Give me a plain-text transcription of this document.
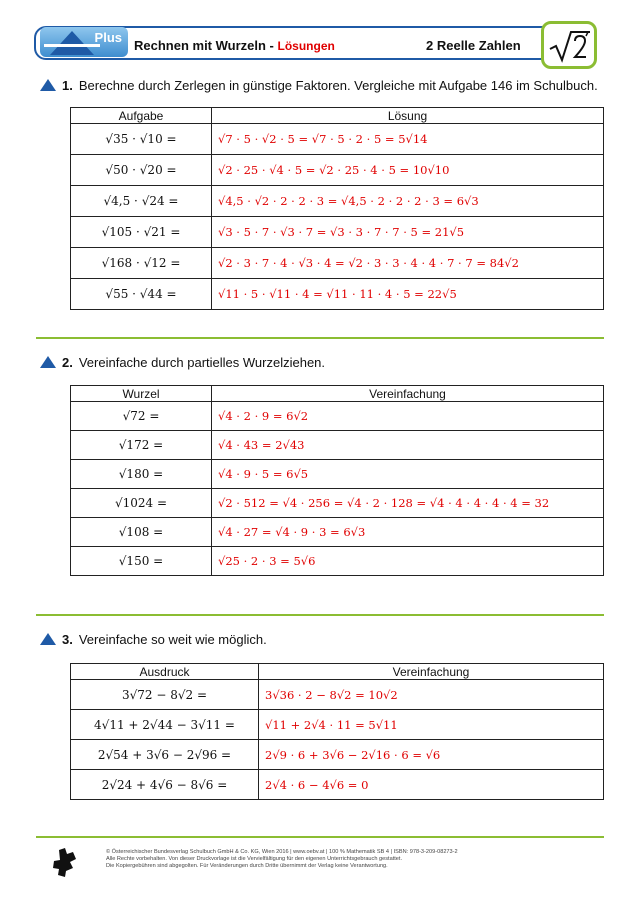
Plus
Rechnen mit Wurzeln - Lösungen	2 Reelle Zahlen
1. Berechne durch Zerlegen in günstige Faktoren. Vergleiche mit Aufgabe 146 im Schulbuch.
Aufgabe	Lösung
√35 · √10 =	√7 · 5 · √2 · 5 = √7 · 5 · 2 · 5 = 5√14
√50 · √20 =	√2 · 25 · √4 · 5 = √2 · 25 · 4 · 5 = 10√10
√4,5 · √24 =	√4,5 · √2 · 2 · 2 · 3 = √4,5 · 2 · 2 · 2 · 3 = 6√3
√105 · √21 =	√3 · 5 · 7 · √3 · 7 = √3 · 3 · 7 · 7 · 5 = 21√5
√168 · √12 =	√2 · 3 · 7 · 4 · √3 · 4 = √2 · 3 · 3 · 4 · 4 · 7 · 7 = 84√2
√55 · √44 =	√11 · 5 · √11 · 4 = √11 · 11 · 4 · 5 = 22√5
2. Vereinfache durch partielles Wurzelziehen.
Wurzel	Vereinfachung
√72 =	√4 · 2 · 9 = 6√2
√172 =	√4 · 43 = 2√43
√180 =	√4 · 9 · 5 = 6√5
√1024 =	√2 · 512 = √4 · 256 = √4 · 2 · 128 = √4 · 4 · 4 · 4 · 4 = 32
√108 =	√4 · 27 = √4 · 9 · 3 = 6√3
√150 =	√25 · 2 · 3 = 5√6
3. Vereinfache so weit wie möglich.
Ausdruck	Vereinfachung
3√72 − 8√2 =	3√36 · 2 − 8√2 = 10√2
4√11 + 2√44 − 3√11 =	√11 + 2√4 · 11 = 5√11
2√54 + 3√6 − 2√96 =	2√9 · 6 + 3√6 − 2√16 · 6 = √6
2√24 + 4√6 − 8√6 =	2√4 · 6 − 4√6 = 0
© Österreichischer Bundesverlag Schulbuch GmbH & Co. KG, Wien 2016 | www.oebv.at | 100 % Mathematik SB 4 | ISBN: 978-3-209-08273-2
Alle Rechte vorbehalten. Von dieser Druckvorlage ist die Vervielfältigung für den eigenen Unterrichtsgebrauch gestattet.
Die Kopiergebühren sind abgegolten. Für Veränderungen durch Dritte übernimmt der Verlag keine Verantwortung.
